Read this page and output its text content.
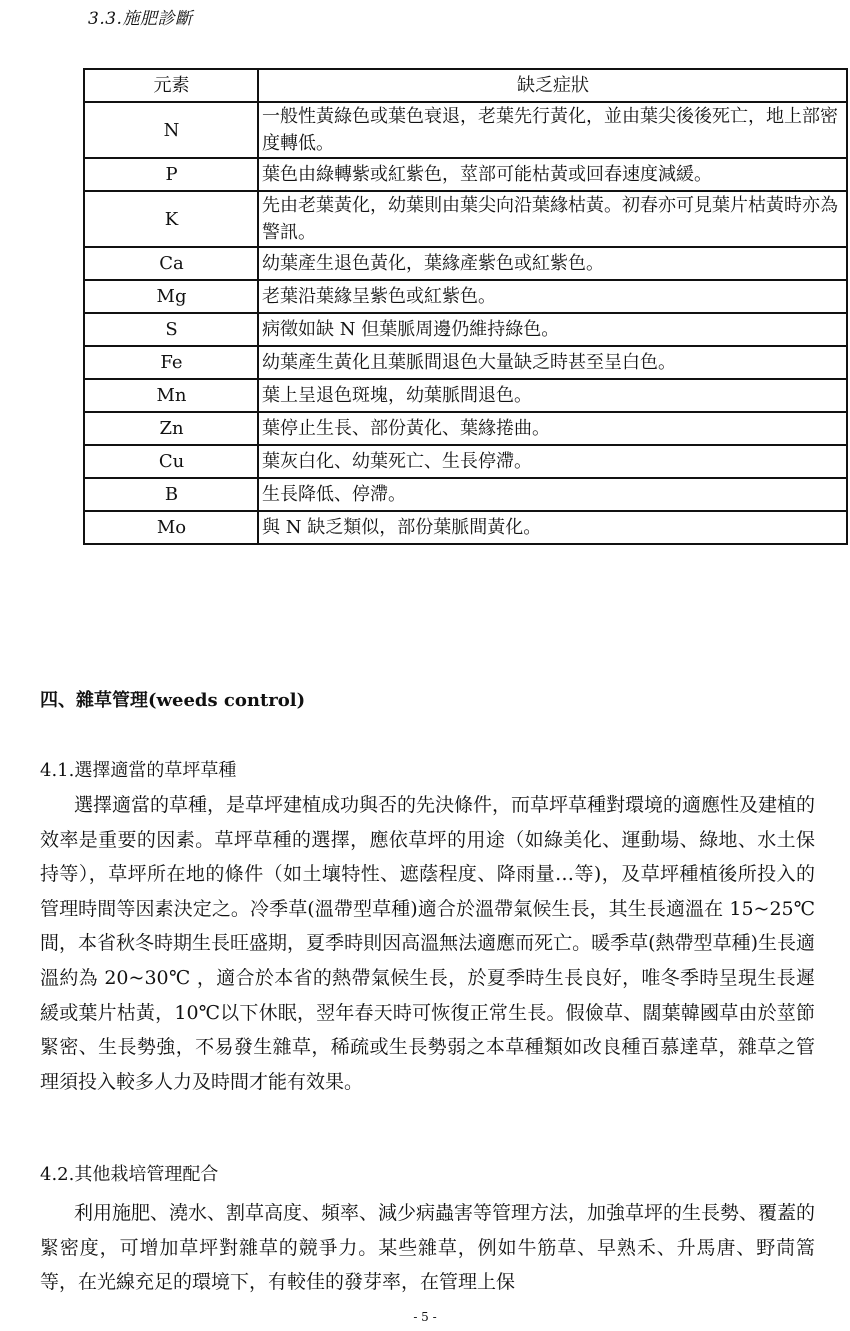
3.3.施肥診斷
元素	缺乏症狀
N	一般性黃綠色或葉色衰退，老葉先行黃化，並由葉尖後後死亡，地上部密度轉低。
P	葉色由綠轉紫或紅紫色，莖部可能枯黃或回春速度減緩。
K	先由老葉黃化，幼葉則由葉尖向沿葉緣枯黃。初春亦可見葉片枯黃時亦為警訊。
Ca	幼葉產生退色黃化，葉緣產紫色或紅紫色。
Mg	老葉沿葉緣呈紫色或紅紫色。
S	病徵如缺 N 但葉脈周邊仍維持綠色。
Fe	幼葉產生黃化且葉脈間退色大量缺乏時甚至呈白色。
Mn	葉上呈退色斑塊，幼葉脈間退色。
Zn	葉停止生長、部份黃化、葉緣捲曲。
Cu	葉灰白化、幼葉死亡、生長停滯。
B	生長降低、停滯。
Mo	與 N 缺乏類似，部份葉脈間黃化。
四、雜草管理(weeds control)
4.1.選擇適當的草坪草種

選擇適當的草種，是草坪建植成功與否的先決條件，而草坪草種對環境的適應性及建植的效率是重要的因素。草坪草種的選擇，應依草坪的用途（如綠美化、運動場、綠地、水土保持等），草坪所在地的條件（如土壤特性、遮蔭程度、降雨量…等)，及草坪種植後所投入的管理時間等因素決定之。冷季草(溫帶型草種)適合於溫帶氣候生長，其生長適溫在 15~25℃間，本省秋冬時期生長旺盛期，夏季時則因高溫無法適應而死亡。暖季草(熱帶型草種)生長適溫約為 20~30℃ ，適合於本省的熱帶氣候生長，於夏季時生長良好，唯冬季時呈現生長遲緩或葉片枯黃，10℃以下休眠，翌年春天時可恢復正常生長。假儉草、闊葉韓國草由於莖節緊密、生長勢強，不易發生雜草，稀疏或生長勢弱之本草種類如改良種百慕達草，雜草之管理須投入較多人力及時間才能有效果。

4.2.其他栽培管理配合

利用施肥、澆水、割草高度、頻率、減少病蟲害等管理方法，加強草坪的生長勢、覆蓋的緊密度，可增加草坪對雜草的競爭力。某些雜草，例如牛筋草、早熟禾、升馬唐、野茼篙等，在光線充足的環境下，有較佳的發芽率，在管理上保

- 5 -
